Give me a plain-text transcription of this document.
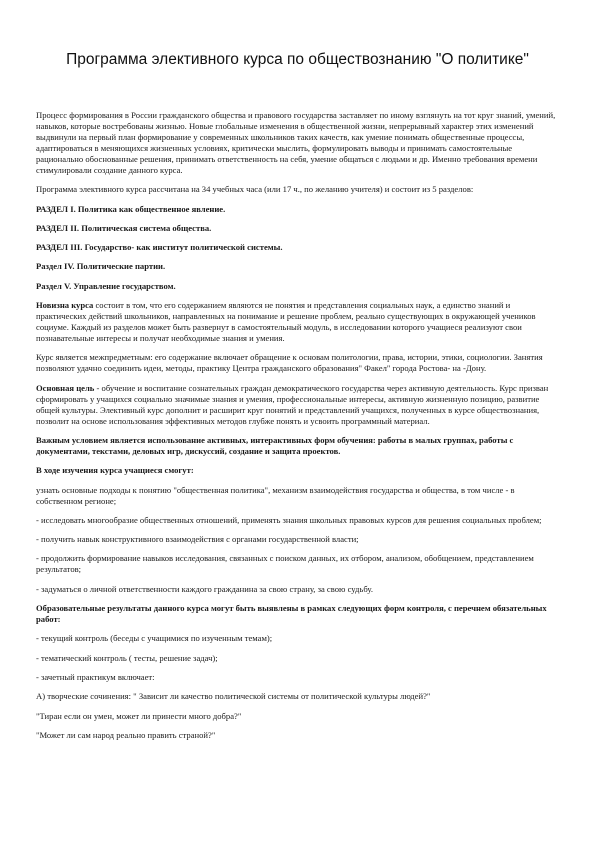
Программа элективного курса по обществознанию "О политике"

Процесс формирования в России гражданского общества и правового государства заставляет по иному взглянуть на тот круг знаний, умений, навыков, которые востребованы жизнью. Новые глобальные изменения в общественной жизни, непрерывный характер этих изменений выдвинули на первый план формирование у современных школьников таких качеств, как умение понимать общественные процессы, адаптироваться в меняющихся жизненных условиях, критически мыслить, формулировать выводы и принимать самостоятельные рационально обоснованные решения, принимать ответственность на себя, умение общаться с людьми и др. Именно требования времени стимулировали создание данного курса.

Программа элективного курса рассчитана на 34 учебных часа (или 17 ч., по желанию учителя) и состоит из 5 разделов:

РАЗДЕЛ I. Политика как общественное явление.

РАЗДЕЛ II. Политическая система общества.

РАЗДЕЛ III. Государство- как институт политической системы.

Раздел IV. Политические партии.

Раздел V. Управление государством.

Новизна курса состоит в том, что его содержанием являются не понятия и представления социальных наук, а единство знаний и практических действий школьников, направленных на понимание и решение проблем, реально существующих в окружающей учеников социуме. Каждый из разделов может быть развернут в самостоятельный модуль, в исследовании которого учащиеся реализуют свои познавательные интересы и получат необходимые знания и умения.

Курс является межпредметным: его содержание включает обращение к основам политологии, права, истории, этики, социологии. Занятия позволяют удачно соединить идеи, методы, практику Центра гражданского образования" Факел" города Ростова- на -Дону.

Основная цель - обучение и воспитание сознательных граждан демократического государства через активную деятельность. Курс призван сформировать у учащихся социально значимые знания и умения, профессиональные интересы, активную жизненную позицию, развитие общей культуры. Элективный курс дополнит и расширит круг понятий и представлений учащихся, полученных в курсе обществознания, позволит на основе использования эффективных методов глубже понять и усвоить программный материал.

Важным условием является использование активных, интерактивных форм обучения: работы в малых группах, работы с документами, текстами, деловых игр, дискуссий, создание и защита проектов.

В ходе изучения курса учащиеся смогут:

узнать основные подходы к понятию "общественная политика", механизм взаимодействия государства и общества, в том числе - в собственном регионе;

- исследовать многообразие общественных отношений, применять знания школьных правовых курсов для решения социальных проблем;

- получить навык конструктивного взаимодействия с органами государственной власти;

- продолжить формирование навыков исследования, связанных с поиском данных, их отбором, анализом, обобщением, представлением результатов;

- задуматься о личной ответственности каждого гражданина за свою страну, за свою судьбу.

Образовательные результаты данного курса могут быть выявлены в рамках следующих форм контроля, с перечнем обязательных работ:

- текущий контроль (беседы с учащимися по изученным темам);

- тематический контроль ( тесты, решение задач);

- зачетный практикум включает:

А) творческие сочинения: " Зависит ли качество политической системы от политической культуры людей?"

"Тиран если он умен, может ли принести много добра?"

"Может ли сам народ реально править страной?"
